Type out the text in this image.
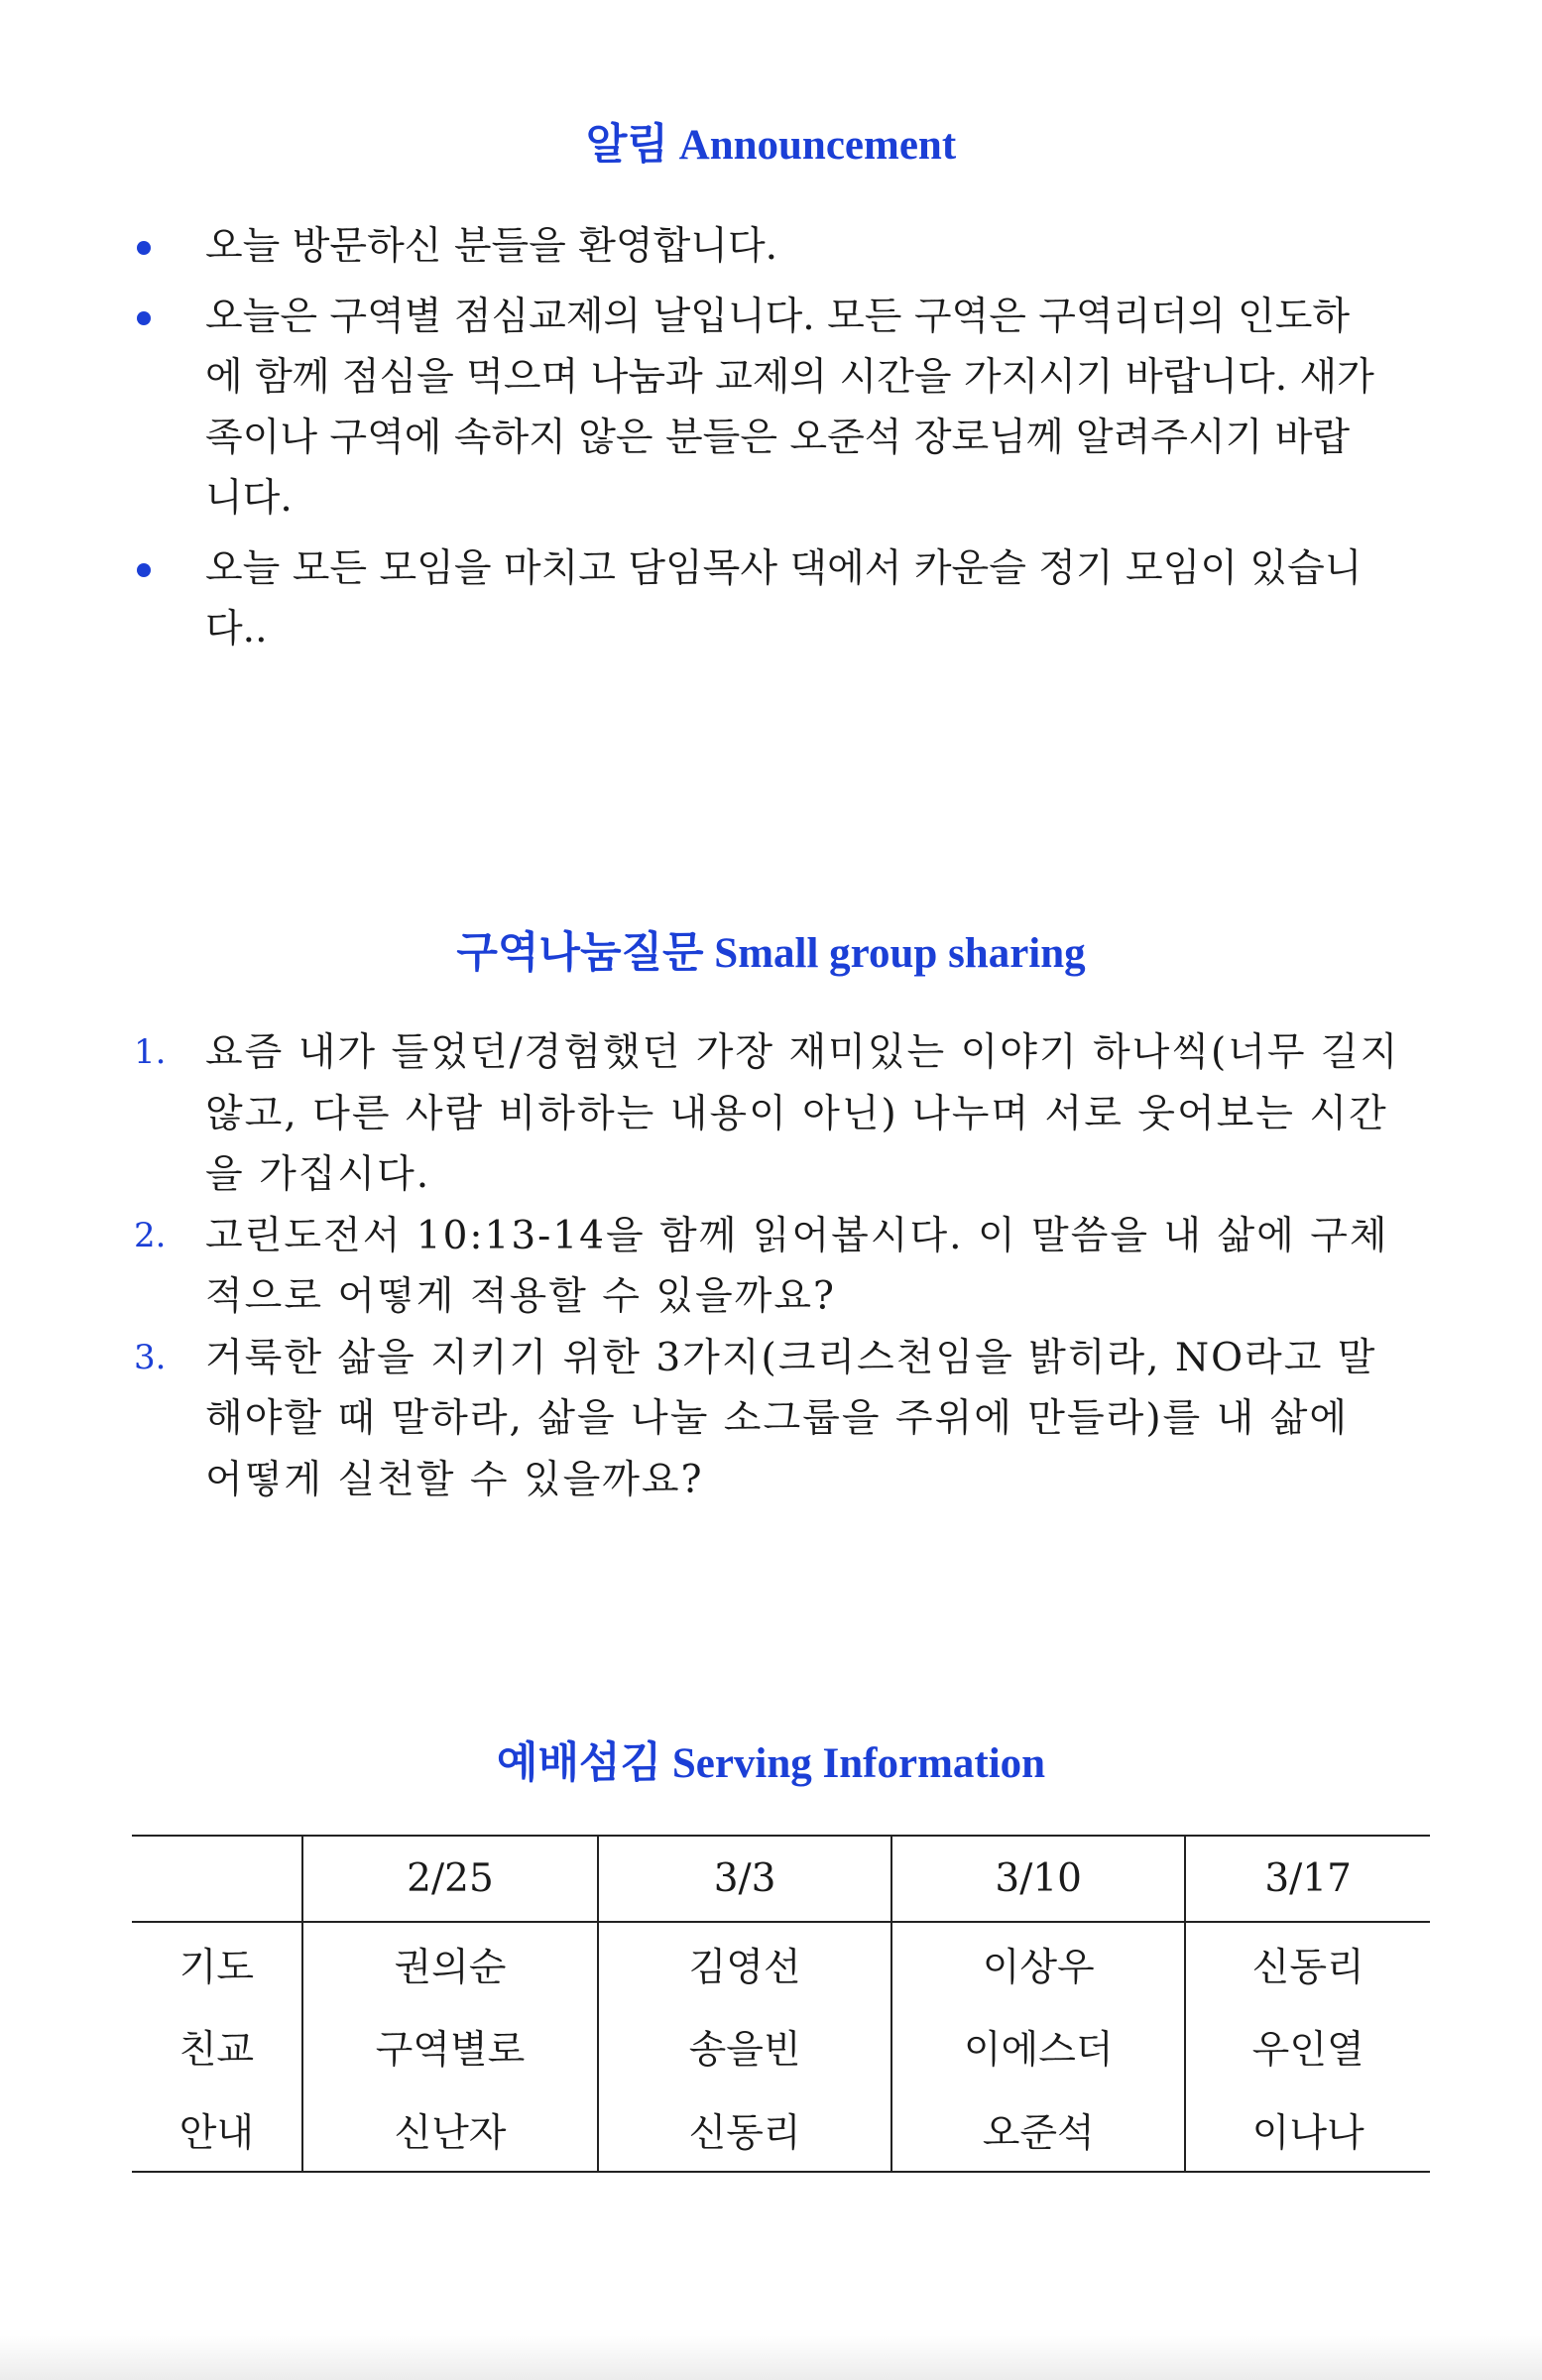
알림 Announcement
오늘 방문하신 분들을 환영합니다.
오늘은 구역별 점심교제의 날입니다. 모든 구역은 구역리더의 인도하에 함께 점심을 먹으며 나눔과 교제의 시간을 가지시기 바랍니다. 새가족이나 구역에 속하지 않은 분들은 오준석 장로님께 알려주시기 바랍니다.
오늘 모든 모임을 마치고 담임목사 댁에서 카운슬 정기 모임이 있습니다..
구역나눔질문 Small group sharing
1. 요즘 내가 들었던/경험했던 가장 재미있는 이야기 하나씩(너무 길지 않고, 다른 사람 비하하는 내용이 아닌) 나누며 서로 웃어보는 시간을 가집시다.
2. 고린도전서 10:13-14을 함께 읽어봅시다. 이 말씀을 내 삶에 구체적으로 어떻게 적용할 수 있을까요?
3. 거룩한 삶을 지키기 위한 3가지(크리스천임을 밝히라, NO라고 말해야할 때 말하라, 삶을 나눌 소그룹을 주위에 만들라)를 내 삶에 어떻게 실천할 수 있을까요?
예배섬김 Serving Information
	2/25	3/3	3/10	3/17
기도	권의순	김영선	이상우	신동리
친교	구역별로	송을빈	이에스더	우인열
안내	신난자	신동리	오준석	이나나
